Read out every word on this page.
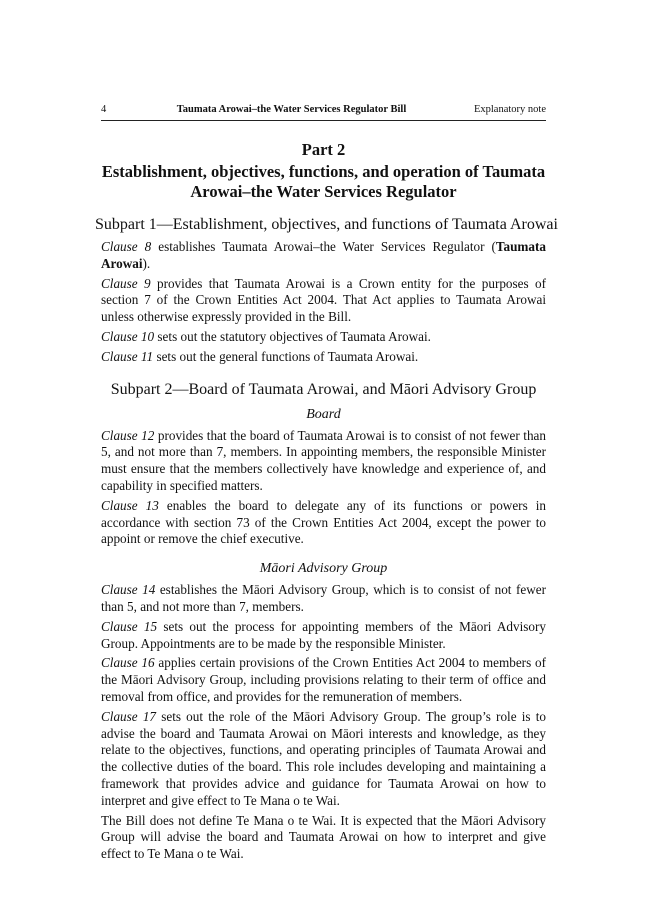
4	Taumata Arowai–the Water Services Regulator Bill	Explanatory note
Part 2
Establishment, objectives, functions, and operation of Taumata Arowai–the Water Services Regulator
Subpart 1—Establishment, objectives, and functions of Taumata Arowai

Clause 8 establishes Taumata Arowai–the Water Services Regulator (Taumata Arowai).

Clause 9 provides that Taumata Arowai is a Crown entity for the purposes of section 7 of the Crown Entities Act 2004. That Act applies to Taumata Arowai unless otherwise expressly provided in the Bill.

Clause 10 sets out the statutory objectives of Taumata Arowai.

Clause 11 sets out the general functions of Taumata Arowai.

Subpart 2—Board of Taumata Arowai, and Māori Advisory Group
Board

Clause 12 provides that the board of Taumata Arowai is to consist of not fewer than 5, and not more than 7, members. In appointing members, the responsible Minister must ensure that the members collectively have knowledge and experience of, and capability in specified matters.

Clause 13 enables the board to delegate any of its functions or powers in accordance with section 73 of the Crown Entities Act 2004, except the power to appoint or remove the chief executive.

Māori Advisory Group

Clause 14 establishes the Māori Advisory Group, which is to consist of not fewer than 5, and not more than 7, members.

Clause 15 sets out the process for appointing members of the Māori Advisory Group. Appointments are to be made by the responsible Minister.

Clause 16 applies certain provisions of the Crown Entities Act 2004 to members of the Māori Advisory Group, including provisions relating to their term of office and removal from office, and provides for the remuneration of members.

Clause 17 sets out the role of the Māori Advisory Group. The group’s role is to advise the board and Taumata Arowai on Māori interests and knowledge, as they relate to the objectives, functions, and operating principles of Taumata Arowai and the collective duties of the board. This role includes developing and maintaining a framework that provides advice and guidance for Taumata Arowai on how to interpret and give effect to Te Mana o te Wai.

The Bill does not define Te Mana o te Wai. It is expected that the Māori Advisory Group will advise the board and Taumata Arowai on how to interpret and give effect to Te Mana o te Wai.
